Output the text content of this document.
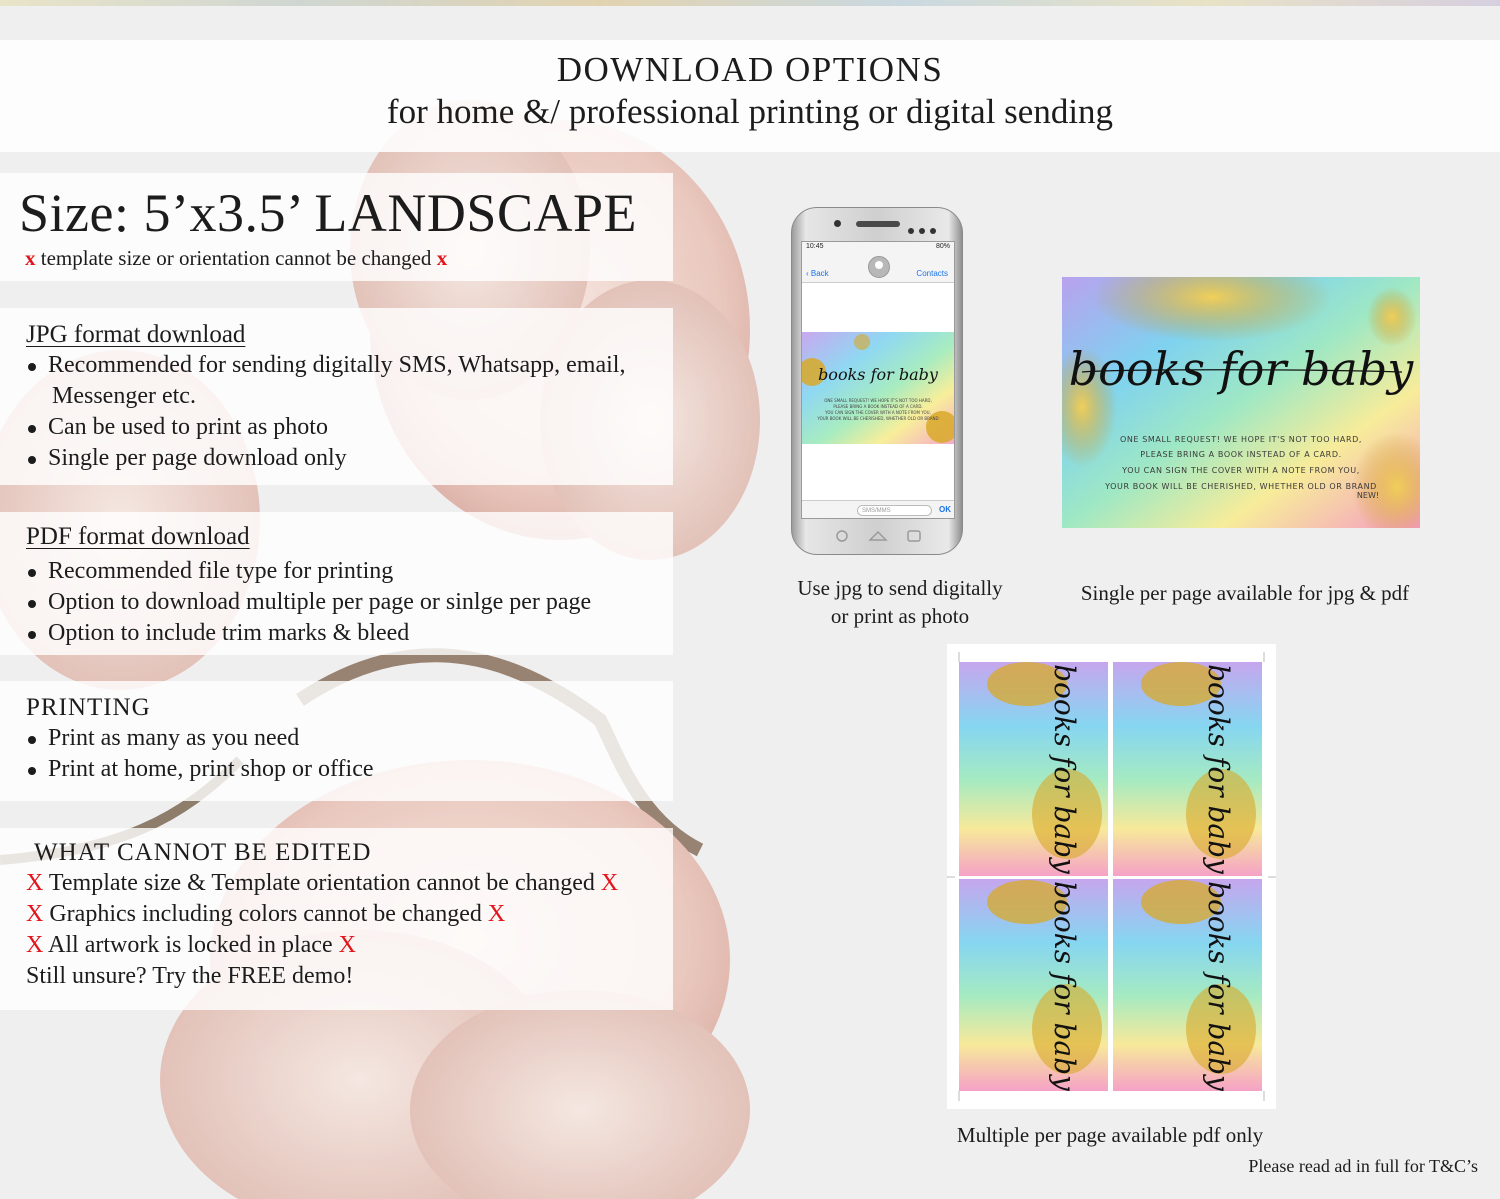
DOWNLOAD OPTIONS
for home &/ professional printing or digital sending
Size: 5’x3.5’ LANDSCAPE
x template size or orientation cannot be changed x
JPG format download
Recommended for sending digitally SMS, Whatsapp, email,
Messenger etc.
Can be used to print as photo
Single per page download only
PDF format download
Recommended file type for printing
Option to download multiple per page or sinlge per page
Option to include trim marks & bleed
PRINTING
Print as many as you need
Print at home, print shop or office
WHAT CANNOT BE EDITED
X Template size & Template orientation cannot be changed X
X Graphics including colors cannot be changed X
X All artwork is locked in place X
Still unsure? Try the FREE demo!
10:45	80%
‹ Back	Contacts
books for baby
ONE SMALL REQUEST! WE HOPE IT'S NOT TOO HARD,
PLEASE BRING A BOOK INSTEAD OF A CARD.
YOU CAN SIGN THE COVER WITH A NOTE FROM YOU,
YOUR BOOK WILL BE CHERISHED, WHETHER OLD OR BRAND
SMS/MMS	OK
books for baby
ONE SMALL REQUEST! WE HOPE IT'S NOT TOO HARD,
PLEASE BRING A BOOK INSTEAD OF A CARD.
YOU CAN SIGN THE COVER WITH A NOTE FROM YOU,
YOUR BOOK WILL BE CHERISHED, WHETHER OLD OR BRAND
NEW!
books for baby	books for baby
books for baby	books for baby
Use jpg to send digitally
or print as photo
Single per page available for jpg & pdf
Multiple per page available pdf only
Please read ad in full for T&C’s
